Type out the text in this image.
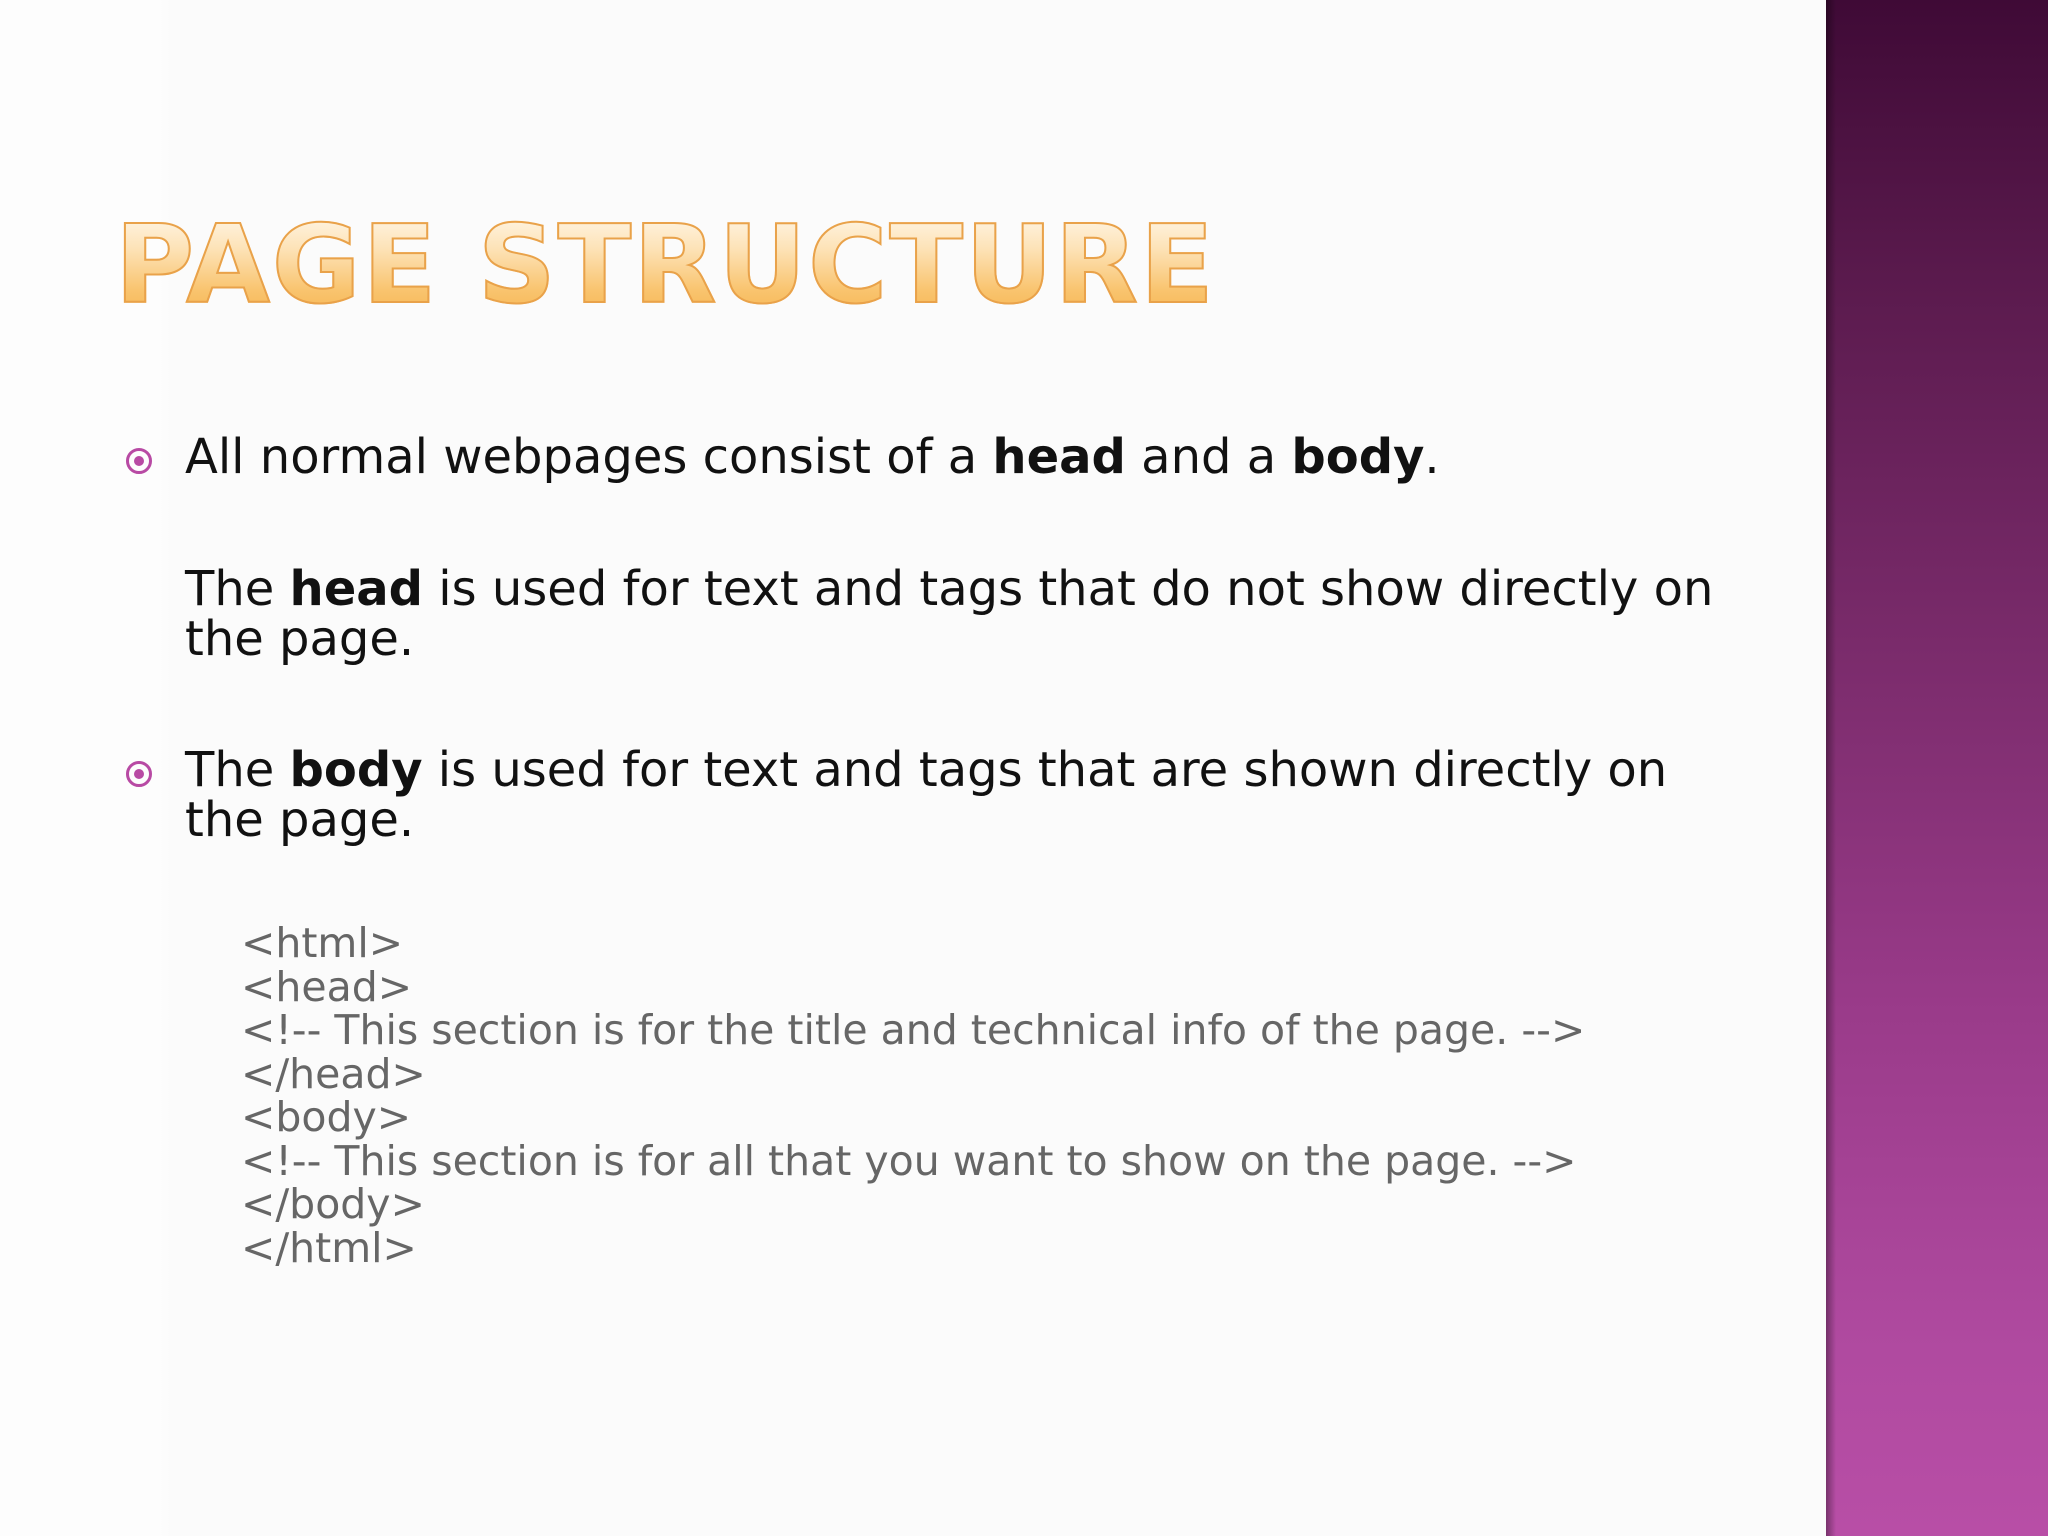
PAGE STRUCTURE

All normal webpages consist of a head and a body.

The head is used for text and tags that do not show directly on the page.

The body is used for text and tags that are shown directly on the page.

<html>
<head>
<!-- This section is for the title and technical info of the page. -->
</head>
<body>
<!-- This section is for all that you want to show on the page. -->
</body>
</html>
